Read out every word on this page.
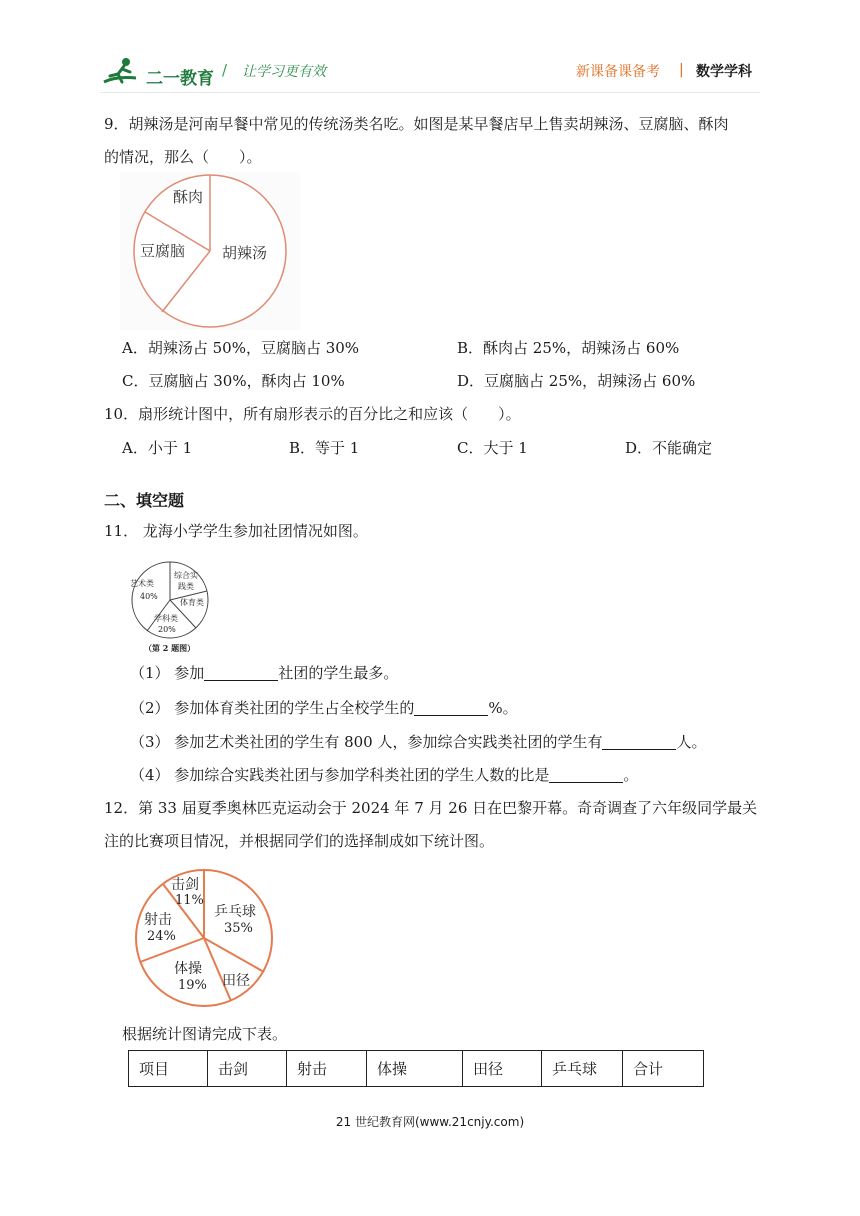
二一教育 / 让学习更有效	新课备课备考 | 数学学科
9．胡辣汤是河南早餐中常见的传统汤类名吃。如图是某早餐店早上售卖胡辣汤、豆腐脑、酥肉
的情况，那么（　　）。
酥肉
豆腐脑 胡辣汤
A．胡辣汤占 50%，豆腐脑占 30%	B．酥肉占 25%，胡辣汤占 60%
C．豆腐脑占 30%，酥肉占 10%	D．豆腐脑占 25%，胡辣汤占 60%
10．扇形统计图中，所有扇形表示的百分比之和应该（　　）。
A．小于 1	B．等于 1	C．大于 1	D．不能确定
二、填空题
11． 龙海小学学生参加社团情况如图。
艺术类
40%
综合实
践类
体育类
学科类
20%
（第 2 题图）
（1） 参加	社团的学生最多。
（2） 参加体育类社团的学生占全校学生的	%。
（3） 参加艺术类社团的学生有 800 人，参加综合实践类社团的学生有	人。
（4） 参加综合实践类社团与参加学科类社团的学生人数的比是	。
12．第 33 届夏季奥林匹克运动会于 2024 年 7 月 26 日在巴黎开幕。奇奇调查了六年级同学最关
注的比赛项目情况，并根据同学们的选择制成如下统计图。
击剑
11%
射击
24%
乒乓球
35%
体操
19% 田径
根据统计图请完成下表。
项目	击剑	射击	体操	田径	乒乓球	合计
21 世纪教育网(www.21cnjy.com)
